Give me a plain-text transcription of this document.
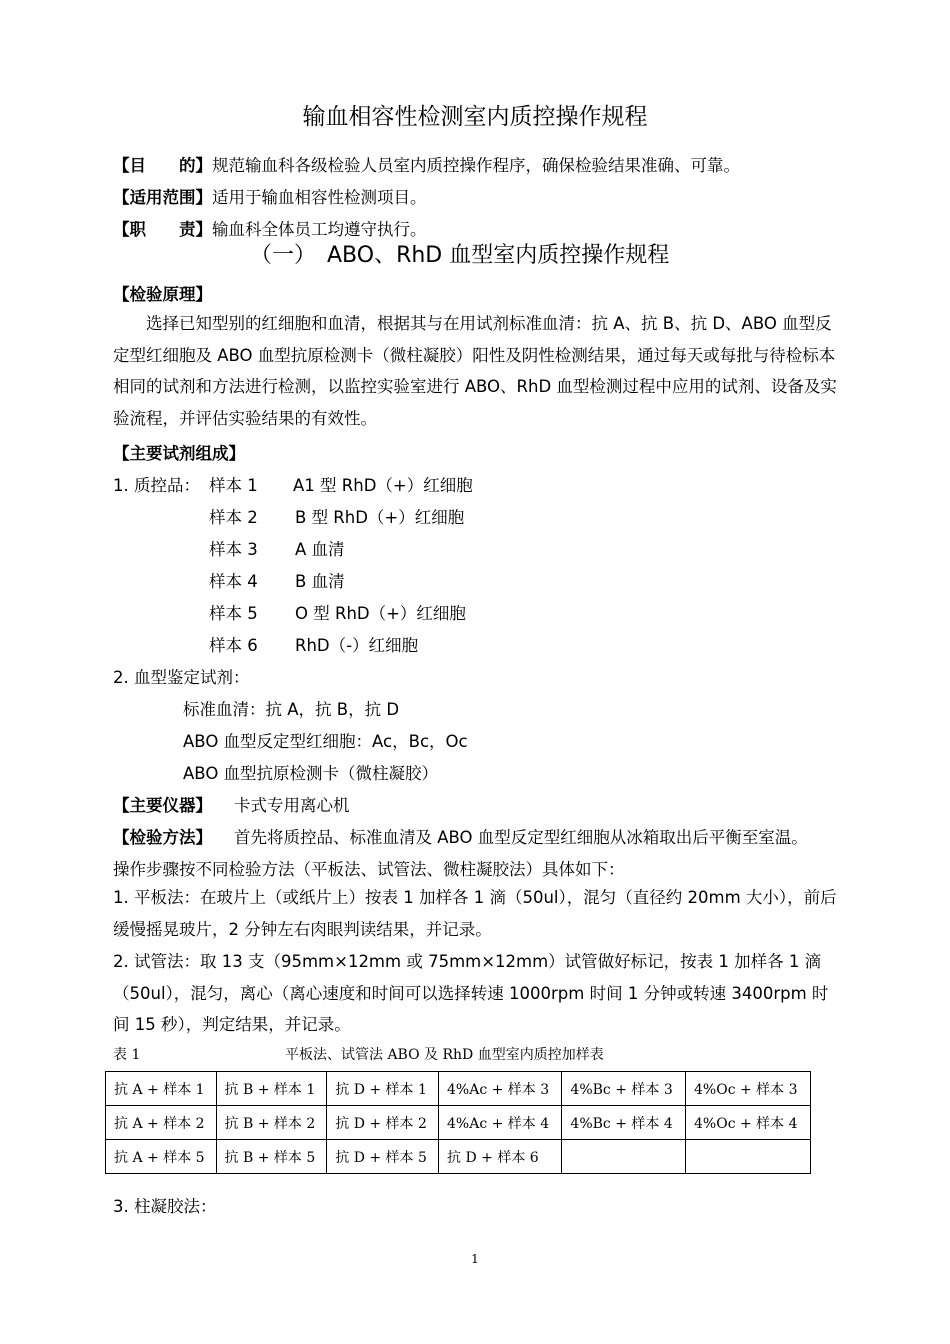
输血相容性检测室内质控操作规程
【目　　的】规范输血科各级检验人员室内质控操作程序，确保检验结果准确、可靠。
【适用范围】适用于输血相容性检测项目。
【职　　责】输血科全体员工均遵守执行。
（一）　ABO、RhD 血型室内质控操作规程
【检验原理】
选择已知型别的红细胞和血清，根据其与在用试剂标准血清：抗 A、抗 B、抗 D、ABO 血型反定型红细胞及 ABO 血型抗原检测卡（微柱凝胶）阳性及阴性检测结果，通过每天或每批与待检标本相同的试剂和方法进行检测，以监控实验室进行 ABO、RhD 血型检测过程中应用的试剂、设备及实验流程，并评估实验结果的有效性。
【主要试剂组成】
1. 质控品： 样本 1 A1 型 RhD（+）红细胞
样本 2 B 型 RhD（+）红细胞
样本 3 A 血清
样本 4 B 血清
样本 5 O 型 RhD（+）红细胞
样本 6 RhD（-）红细胞
2. 血型鉴定试剂：
标准血清：抗 A，抗 B，抗 D
ABO 血型反定型红细胞：Ac，Bc，Oc
ABO 血型抗原检测卡（微柱凝胶）
【主要仪器】 卡式专用离心机
【检验方法】 首先将质控品、标准血清及 ABO 血型反定型红细胞从冰箱取出后平衡至室温。
操作步骤按不同检验方法（平板法、试管法、微柱凝胶法）具体如下：
1. 平板法：在玻片上（或纸片上）按表 1 加样各 1 滴（50ul），混匀（直径约 20mm 大小），前后缓慢摇晃玻片，2 分钟左右肉眼判读结果，并记录。
2. 试管法：取 13 支（95mm×12mm 或 75mm×12mm）试管做好标记，按表 1 加样各 1 滴（50ul），混匀，离心（离心速度和时间可以选择转速 1000rpm 时间 1 分钟或转速 3400rpm 时间 15 秒），判定结果，并记录。
表 1	平板法、试管法 ABO 及 RhD 血型室内质控加样表
抗 A + 样本 1	抗 B + 样本 1	抗 D + 样本 1	4%Ac + 样本 3	4%Bc + 样本 3	4%Oc + 样本 3
抗 A + 样本 2	抗 B + 样本 2	抗 D + 样本 2	4%Ac + 样本 4	4%Bc + 样本 4	4%Oc + 样本 4
抗 A + 样本 5	抗 B + 样本 5	抗 D + 样本 5	抗 D + 样本 6		
3. 柱凝胶法：
1
